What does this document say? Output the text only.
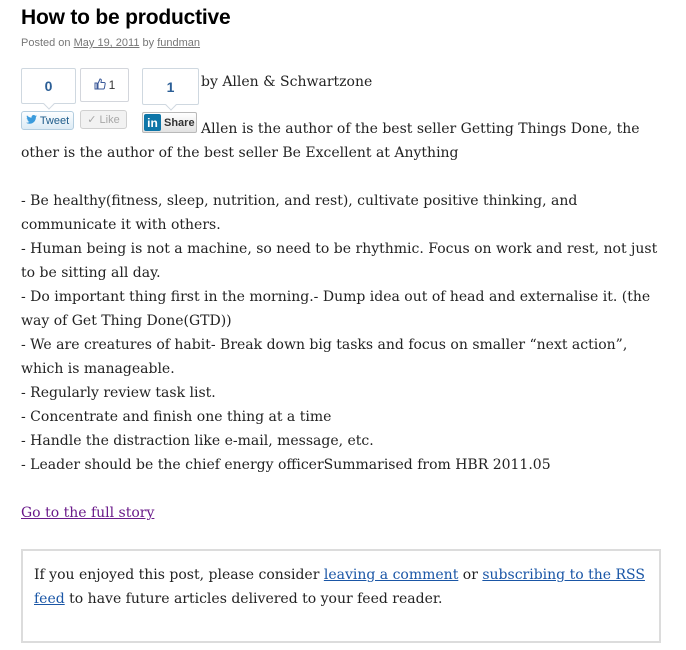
How to be productive
Posted on May 19, 2011 by fundman
0
Tweet
1
✓ Like
1
in Share
by Allen & Schwartzone
Allen is the author of the best seller Getting Things Done, the

other is the author of the best seller Be Excellent at Anything

- Be healthy(fitness, sleep, nutrition, and rest), cultivate positive thinking, and communicate it with others.

- Human being is not a machine, so need to be rhythmic. Focus on work and rest, not just to be sitting all day.

- Do important thing first in the morning.- Dump idea out of head and externalise it. (the way of Get Thing Done(GTD))

- We are creatures of habit- Break down big tasks and focus on smaller “next action”, which is manageable.

- Regularly review task list.

- Concentrate and finish one thing at a time

- Handle the distraction like e-mail, message, etc.

- Leader should be the chief energy officerSummarised from HBR 2011.05

Go to the full story

If you enjoyed this post, please consider leaving a comment or subscribing to the RSS feed to have future articles delivered to your feed reader.
